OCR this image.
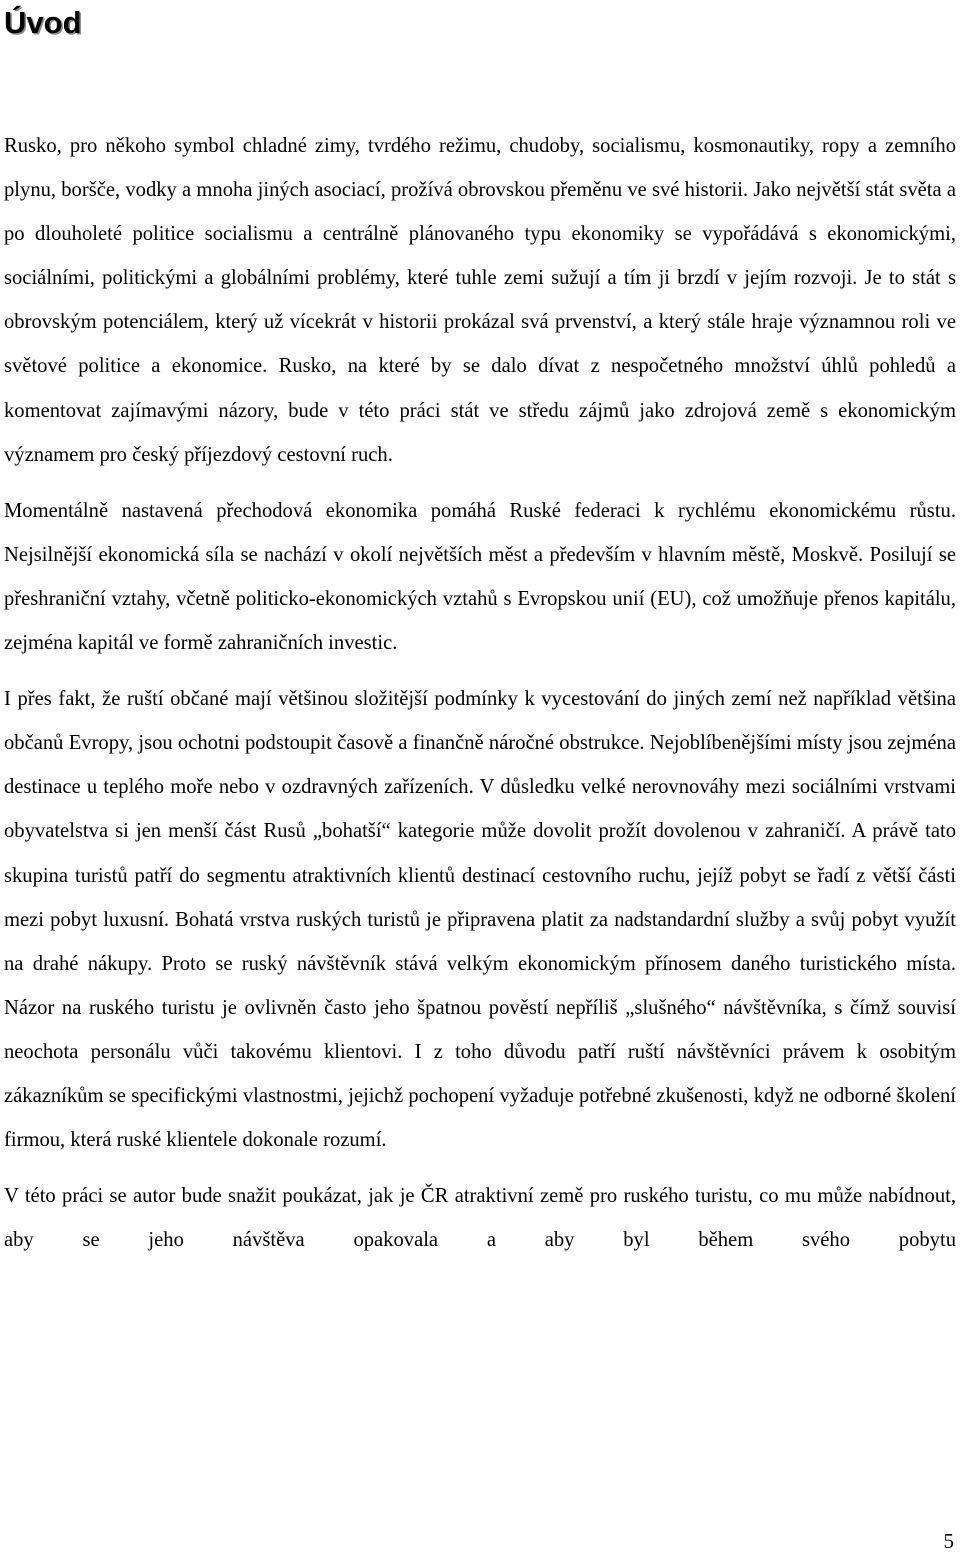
Úvod

Rusko, pro někoho symbol chladné zimy, tvrdého režimu, chudoby, socialismu, kosmonautiky, ropy a zemního plynu, boršče, vodky a mnoha jiných asociací, prožívá obrovskou přeměnu ve své historii. Jako největší stát světa a po dlouholeté politice socialismu a centrálně plánovaného typu ekonomiky se vypořádává s ekonomickými, sociálními, politickými a globálními problémy, které tuhle zemi sužují a tím ji brzdí v jejím rozvoji. Je to stát s obrovským potenciálem, který už vícekrát v historii prokázal svá prvenství, a který stále hraje významnou roli ve světové politice a ekonomice. Rusko, na které by se dalo dívat z nespočetného množství úhlů pohledů a komentovat zajímavými názory, bude v této práci stát ve středu zájmů jako zdrojová země s ekonomickým významem pro český příjezdový cestovní ruch.

Momentálně nastavená přechodová ekonomika pomáhá Ruské federaci k rychlému ekonomickému růstu. Nejsilnější ekonomická síla se nachází v okolí největších měst a především v hlavním městě, Moskvě. Posilují se přeshraniční vztahy, včetně politicko-ekonomických vztahů s Evropskou unií (EU), což umožňuje přenos kapitálu, zejména kapitál ve formě zahraničních investic.

I přes fakt, že ruští občané mají většinou složitější podmínky k vycestování do jiných zemí než například většina občanů Evropy, jsou ochotni podstoupit časově a finančně náročné obstrukce. Nejoblíbenějšími místy jsou zejména destinace u teplého moře nebo v ozdravných zařízeních. V důsledku velké nerovnováhy mezi sociálními vrstvami obyvatelstva si jen menší část Rusů „bohatší“ kategorie může dovolit prožít dovolenou v zahraničí. A právě tato skupina turistů patří do segmentu atraktivních klientů destinací cestovního ruchu, jejíž pobyt se řadí z větší části mezi pobyt luxusní. Bohatá vrstva ruských turistů je připravena platit za nadstandardní služby a svůj pobyt využít na drahé nákupy. Proto se ruský návštěvník stává velkým ekonomickým přínosem daného turistického místa. Názor na ruského turistu je ovlivněn často jeho špatnou pověstí nepříliš „slušného“ návštěvníka, s čímž souvisí neochota personálu vůči takovému klientovi. I z toho důvodu patří ruští návštěvníci právem k osobitým zákazníkům se specifickými vlastnostmi, jejichž pochopení vyžaduje potřebné zkušenosti, když ne odborné školení firmou, která ruské klientele dokonale rozumí.

V této práci se autor bude snažit poukázat, jak je ČR atraktivní země pro ruského turistu, co mu může nabídnout, aby se jeho návštěva opakovala a aby byl během svého pobytu

5
